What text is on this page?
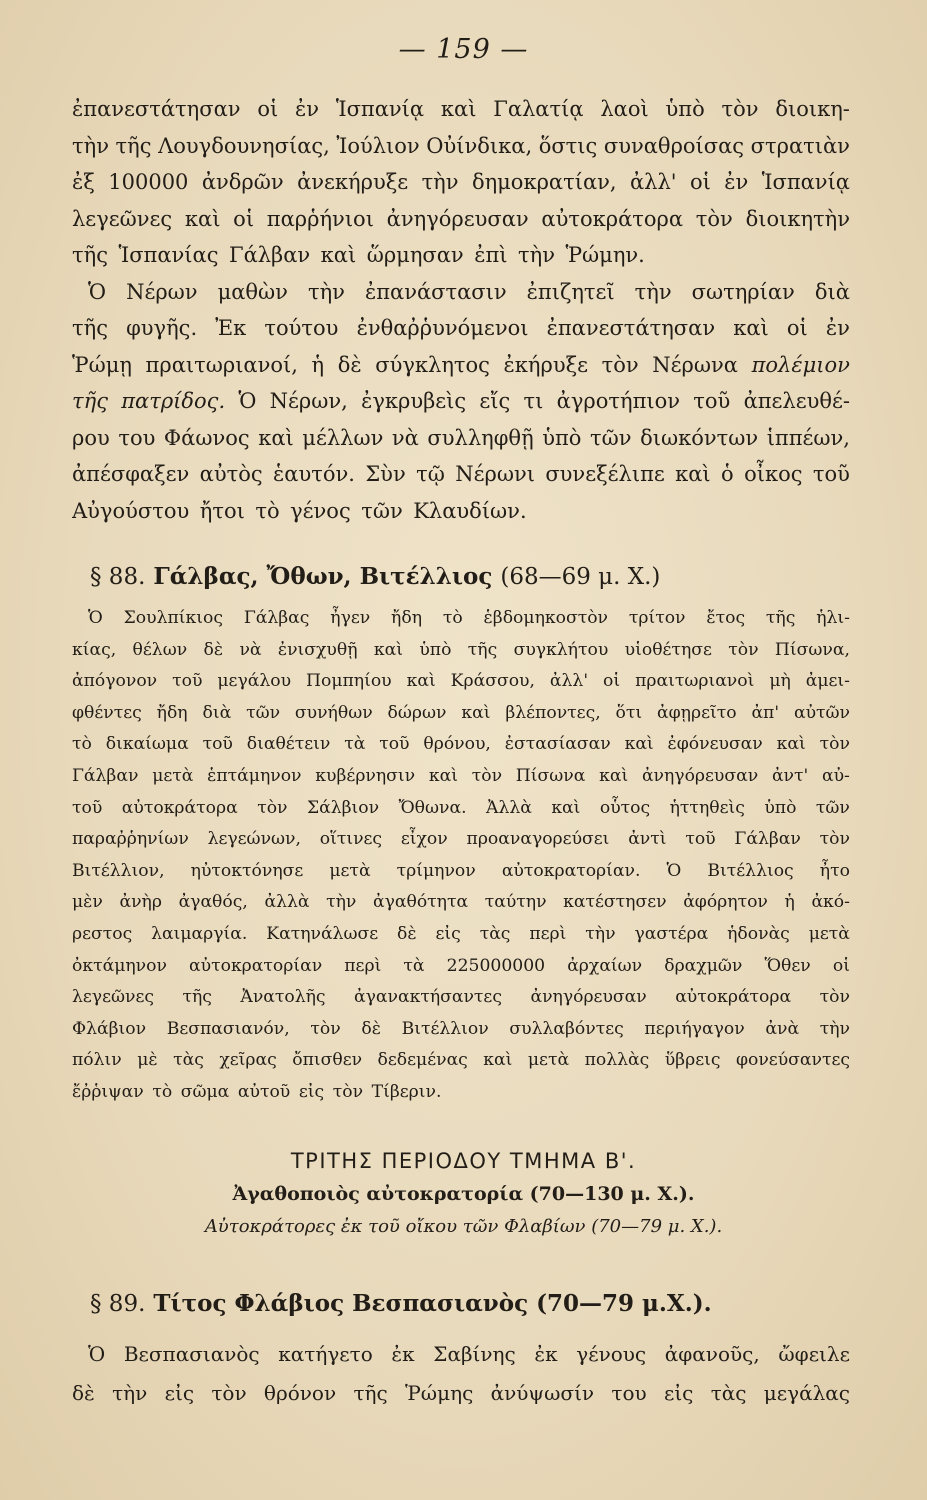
— 159 —
ἐπανεστάτησαν οἱ ἐν Ἱσπανίᾳ καὶ Γαλατίᾳ λαοὶ ὑπὸ τὸν διοικη-
τὴν τῆς Λουγδουνησίας, Ἰούλιον Οὐίνδικα, ὅστις συναθροίσας στρατιὰν
ἐξ 100000 ἀνδρῶν ἀνεκήρυξε τὴν δημοκρατίαν, ἀλλ' οἱ ἐν Ἱσπανίᾳ
λεγεῶνες καὶ οἱ παρῥήνιοι ἀνηγόρευσαν αὐτοκράτορα τὸν διοικητὴν
τῆς Ἱσπανίας Γάλβαν καὶ ὥρμησαν ἐπὶ τὴν Ῥώμην.
Ὁ Νέρων μαθὼν τὴν ἐπανάστασιν ἐπιζητεῖ τὴν σωτηρίαν διὰ
τῆς φυγῆς. Ἐκ τούτου ἐνθαῤῥυνόμενοι ἐπανεστάτησαν καὶ οἱ ἐν
Ῥώμῃ πραιτωριανοί, ἡ δὲ σύγκλητος ἐκήρυξε τὸν Νέρωνα πολέμιον
τῆς πατρίδος. Ὁ Νέρων, ἐγκρυβεὶς εἴς τι ἀγροτήπιον τοῦ ἀπελευθέ-
ρου του Φάωνος καὶ μέλλων νὰ συλληφθῇ ὑπὸ τῶν διωκόντων ἱππέων,
ἀπέσφαξεν αὐτὸς ἑαυτόν. Σὺν τῷ Νέρωνι συνεξέλιπε καὶ ὁ οἶκος τοῦ
Αὐγούστου ἤτοι τὸ γένος τῶν Κλαυδίων.
§ 88. Γάλβας, Ὄθων, Βιτέλλιος (68—69 μ. Χ.)
Ὁ Σουλπίκιος Γάλβας ἦγεν ἤδη τὸ ἑβδομηκοστὸν τρίτον ἔτος τῆς ἡλι-
κίας, θέλων δὲ νὰ ἐνισχυθῇ καὶ ὑπὸ τῆς συγκλήτου υἱοθέτησε τὸν Πίσωνα,
ἀπόγονον τοῦ μεγάλου Πομπηίου καὶ Κράσσου, ἀλλ' οἱ πραιτωριανοὶ μὴ ἀμει-
φθέντες ἤδη διὰ τῶν συνήθων δώρων καὶ βλέποντες, ὅτι ἀφῃρεῖτο ἀπ' αὐτῶν
τὸ δικαίωμα τοῦ διαθέτειν τὰ τοῦ θρόνου, ἐστασίασαν καὶ ἐφόνευσαν καὶ τὸν
Γάλβαν μετὰ ἑπτάμηνον κυβέρνησιν καὶ τὸν Πίσωνα καὶ ἀνηγόρευσαν ἀντ' αὐ-
τοῦ αὐτοκράτορα τὸν Σάλβιον Ὄθωνα. Ἀλλὰ καὶ οὗτος ἡττηθεὶς ὑπὸ τῶν
παραῤῥηνίων λεγεώνων, οἵτινες εἶχον προαναγορεύσει ἀντὶ τοῦ Γάλβαν τὸν
Βιτέλλιον, ηὐτοκτόνησε μετὰ τρίμηνον αὐτοκρατορίαν. Ὁ Βιτέλλιος ἦτο
μὲν ἀνὴρ ἀγαθός, ἀλλὰ τὴν ἀγαθότητα ταύτην κατέστησεν ἀφόρητον ἡ ἀκό-
ρεστος λαιμαργία. Κατηνάλωσε δὲ εἰς τὰς περὶ τὴν γαστέρα ἡδονὰς μετὰ
ὀκτάμηνον αὐτοκρατορίαν περὶ τὰ 225000000 ἀρχαίων δραχμῶν Ὅθεν οἱ
λεγεῶνες τῆς Ἀνατολῆς ἀγανακτήσαντες ἀνηγόρευσαν αὐτοκράτορα τὸν
Φλάβιον Βεσπασιανόν, τὸν δὲ Βιτέλλιον συλλαβόντες περιήγαγον ἀνὰ τὴν
πόλιν μὲ τὰς χεῖρας ὄπισθεν δεδεμένας καὶ μετὰ πολλὰς ὕβρεις φονεύσαντες
ἔῤῥιψαν τὸ σῶμα αὐτοῦ εἰς τὸν Τίβεριν.
ΤΡΙΤΗΣ ΠΕΡΙΟΔΟΥ ΤΜΗΜΑ Β'.
Ἀγαθοποιὸς αὐτοκρατορία (70—130 μ. Χ.).
Αὐτοκράτορες ἐκ τοῦ οἴκου τῶν Φλαβίων (70—79 μ. Χ.).
§ 89. Τίτος Φλάβιος Βεσπασιανὸς (70—79 μ.Χ.).
Ὁ Βεσπασιανὸς κατήγετο ἐκ Σαβίνης ἐκ γένους ἀφανοῦς, ὤφειλε
δὲ τὴν εἰς τὸν θρόνον τῆς Ῥώμης ἀνύψωσίν του εἰς τὰς μεγάλας
